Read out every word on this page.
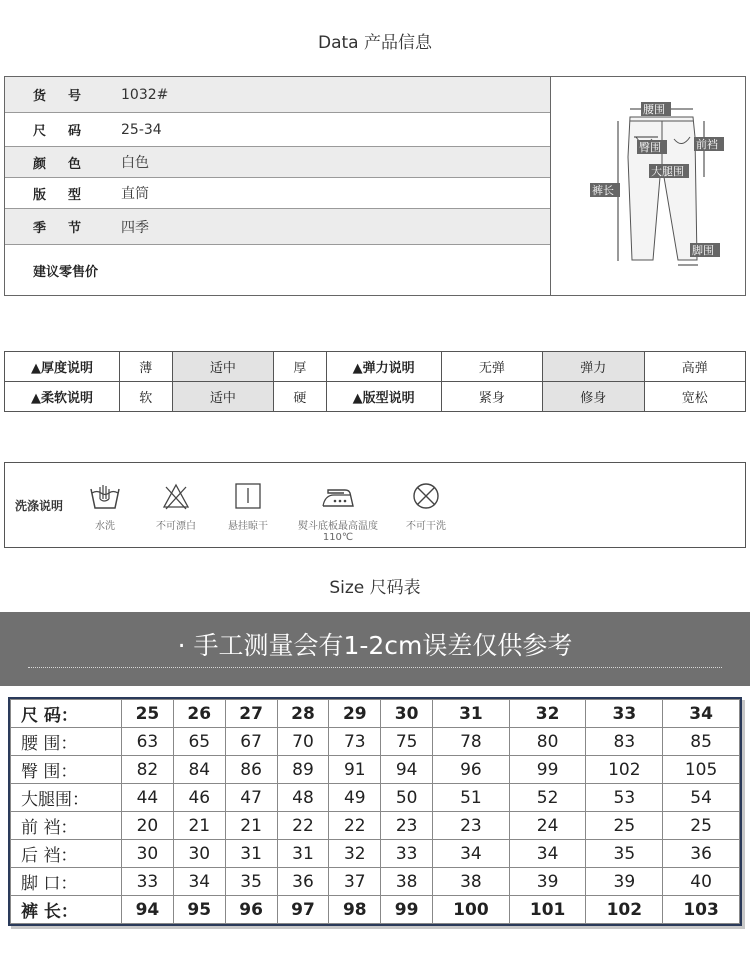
Data 产品信息
货号	1032#
尺码	25-34
颜色	白色
版型	直筒
季节	四季
建议零售价
腰围
臀围	前裆
大腿围
裤长
脚围
▲厚度说明	薄	适中	厚	▲弹力说明	无弹	弹力	高弹
▲柔软说明	软	适中	硬	▲版型说明	紧身	修身	宽松
洗涤说明
水洗	不可漂白	悬挂晾干	熨斗底板最高温度110℃
不可干洗
Size 尺码表
· 手工测量会有1-2cm误差仅供参考
尺 码：	25	26	27	28	29	30	31	32	33	34
腰 围：	63	65	67	70	73	75	78	80	83	85
臀 围：	82	84	86	89	91	94	96	99	102	105
大腿围：	44	46	47	48	49	50	51	52	53	54
前 裆：	20	21	21	22	22	23	23	24	25	25
后 裆：	30	30	31	31	32	33	34	34	35	36
脚 口：	33	34	35	36	37	38	38	39	39	40
裤 长：	94	95	96	97	98	99	100	101	102	103
